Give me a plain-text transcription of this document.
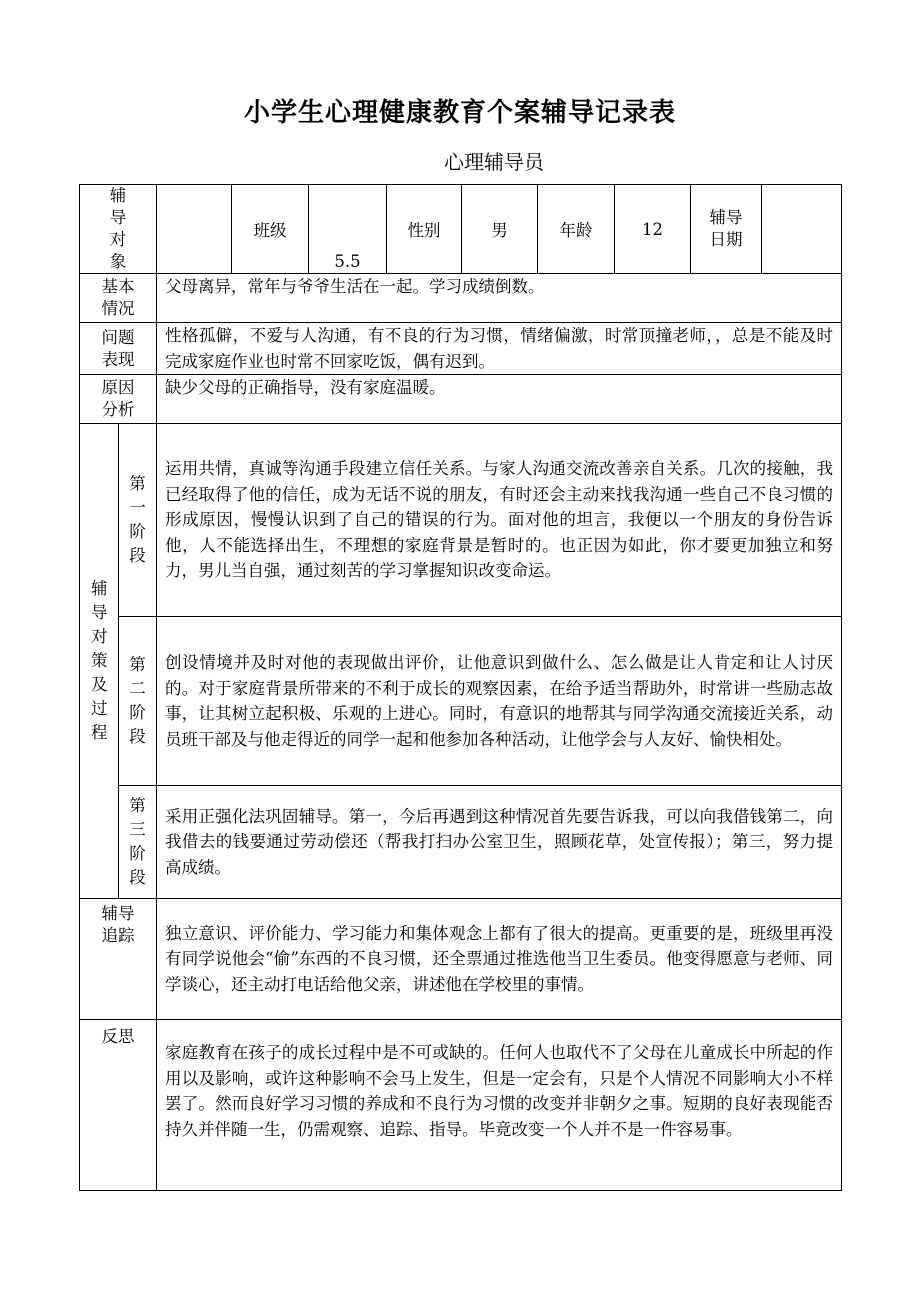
小学生心理健康教育个案辅导记录表
心理辅导员
辅导对象			班级	5.5	性别	男	年龄	12	辅导日期	
基本情况		父母离异，常年与爷爷生活在一起。学习成绩倒数。								
问题表现		性格孤僻，不爱与人沟通，有不良的行为习惯，情绪偏激，时常顶撞老师，，总是不能及时完成家庭作业也时常不回家吃饭，偶有迟到。								
原因分析		缺少父母的正确指导，没有家庭温暖。								
辅导对策及过程	第一阶段	运用共情，真诚等沟通手段建立信任关系。与家人沟通交流改善亲自关系。几次的接触，我已经取得了他的信任，成为无话不说的朋友，有时还会主动来找我沟通一些自己不良习惯的形成原因，慢慢认识到了自己的错误的行为。面对他的坦言，我便以一个朋友的身份告诉他，人不能选择出生，不理想的家庭背景是暂时的。也正因为如此，你才要更加独立和努力，男儿当自强，通过刻苦的学习掌握知识改变命运。								
	第二阶段	创设情境并及时对他的表现做出评价，让他意识到做什么、怎么做是让人肯定和让人讨厌的。对于家庭背景所带来的不利于成长的观察因素，在给予适当帮助外，时常讲一些励志故事，让其树立起积极、乐观的上进心。同时，有意识的地帮其与同学沟通交流接近关系，动员班干部及与他走得近的同学一起和他参加各种活动，让他学会与人友好、愉快相处。								
	第三阶段	采用正强化法巩固辅导。第一，今后再遇到这种情况首先要告诉我，可以向我借钱第二，向我借去的钱要通过劳动偿还（帮我打扫办公室卫生，照顾花草，处宣传报）；第三，努力提高成绩。								
辅导追踪		独立意识、评价能力、学习能力和集体观念上都有了很大的提高。更重要的是，班级里再没有同学说他会“偷”东西的不良习惯，还全票通过推选他当卫生委员。他变得愿意与老师、同学谈心，还主动打电话给他父亲，讲述他在学校里的事情。								
反思		家庭教育在孩子的成长过程中是不可或缺的。任何人也取代不了父母在儿童成长中所起的作用以及影响，或许这种影响不会马上发生，但是一定会有，只是个人情况不同影响大小不样罢了。然而良好学习习惯的养成和不良行为习惯的改变并非朝夕之事。短期的良好表现能否持久并伴随一生，仍需观察、追踪、指导。毕竟改变一个人并不是一件容易事。								
